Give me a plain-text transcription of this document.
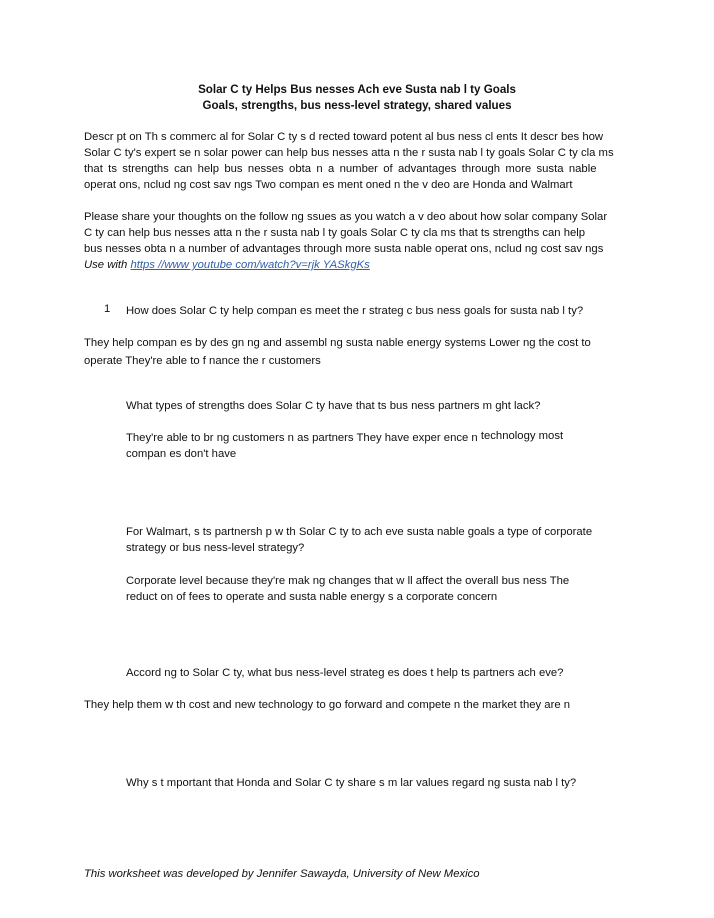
Solar C ty Helps Bus nesses Ach eve Susta nab l ty Goals
Goals, strengths, bus ness-level strategy, shared values
Descr pt on Th s commerc al for Solar C ty s d rected toward potent al bus ness cl ents It descr bes how
Solar C ty's expert se n solar power can help bus nesses atta n the r susta nab l ty goals Solar C ty cla ms
that ts strengths can help bus nesses obta n a number of advantages through more susta nable
operat ons, nclud ng cost sav ngs Two compan es ment oned n the v deo are Honda and Walmart
Please share your thoughts on the follow ng ssues as you watch a v deo about how solar company Solar
C ty can help bus nesses atta n the r susta nab l ty goals Solar C ty cla ms that ts strengths can help
bus nesses obta n a number of advantages through more susta nable operat ons, nclud ng cost sav ngs
Use with https //www youtube com/watch?v=rjk YASkgKs
1 How does Solar C ty help compan es meet the r strateg c bus ness goals for susta nab l ty?
They help compan es by des gn ng and assembl ng susta nable energy systems Lower ng the cost to
operate They're able to f nance the r customers
What types of strengths does Solar C ty have that ts bus ness partners m ght lack?
They're able to br ng customers n as partners They have exper ence n technology most
compan es don't have
For Walmart, s ts partnersh p w th Solar C ty to ach eve susta nable goals a type of corporate
strategy or bus ness-level strategy?
Corporate level because they're mak ng changes that w ll affect the overall bus ness The
reduct on of fees to operate and susta nable energy s a corporate concern
Accord ng to Solar C ty, what bus ness-level strateg es does t help ts partners ach eve?
They help them w th cost and new technology to go forward and compete n the market they are n
Why s t mportant that Honda and Solar C ty share s m lar values regard ng susta nab l ty?
This worksheet was developed by Jennifer Sawayda, University of New Mexico
